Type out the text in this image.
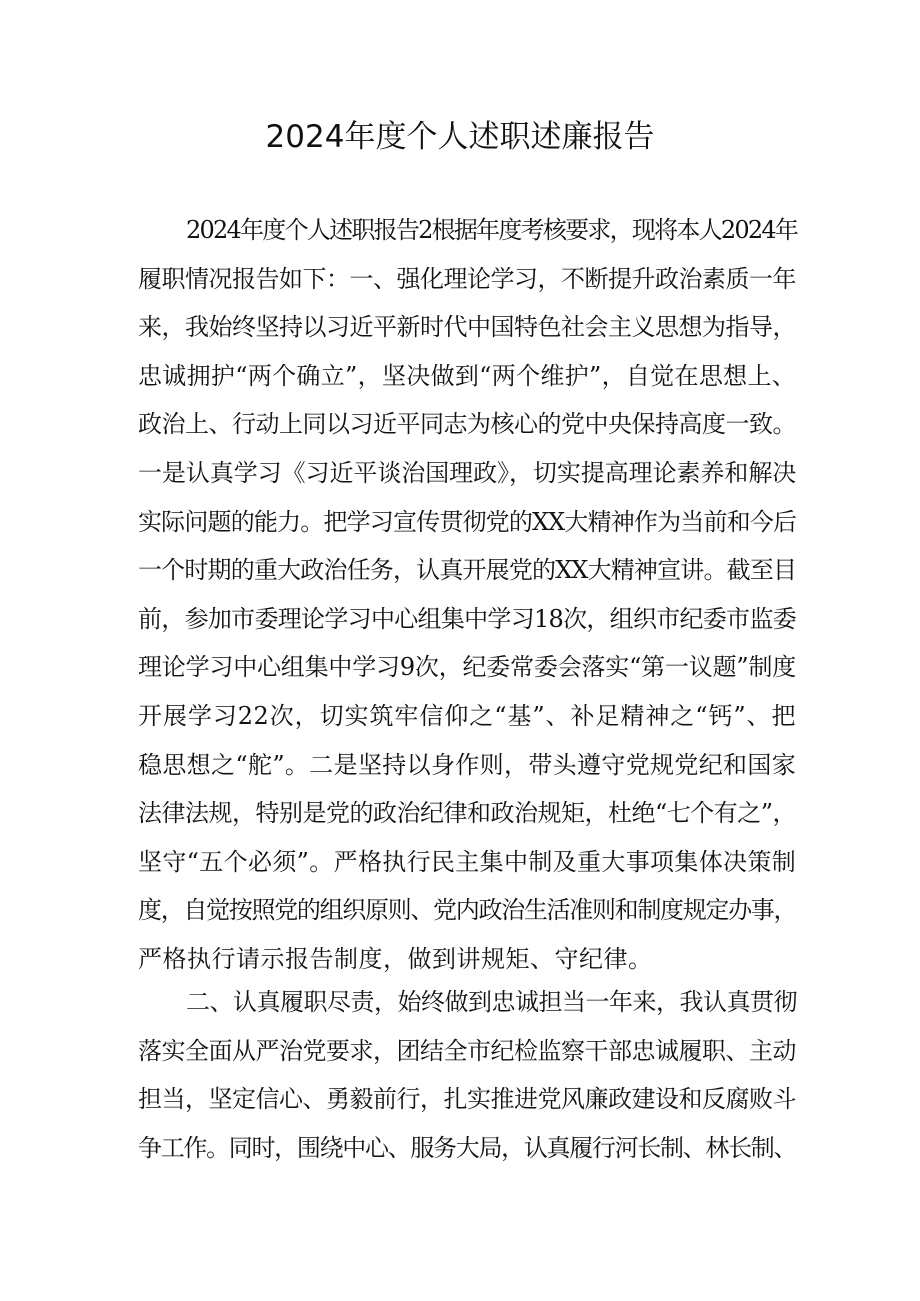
2024年度个人述职述廉报告
2024年度个人述职报告2根据年度考核要求，现将本人2024年
履职情况报告如下：一、强化理论学习，不断提升政治素质一年
来，我始终坚持以习近平新时代中国特色社会主义思想为指导，
忠诚拥护“两个确立”，坚决做到“两个维护”，自觉在思想上、
政治上、行动上同以习近平同志为核心的党中央保持高度一致。
一是认真学习《习近平谈治国理政》，切实提高理论素养和解决
实际问题的能力。把学习宣传贯彻党的XX大精神作为当前和今后
一个时期的重大政治任务，认真开展党的XX大精神宣讲。截至目
前，参加市委理论学习中心组集中学习18次，组织市纪委市监委
理论学习中心组集中学习9次，纪委常委会落实“第一议题”制度
开展学习22次，切实筑牢信仰之“基”、补足精神之“钙”、把
稳思想之“舵”。二是坚持以身作则，带头遵守党规党纪和国家
法律法规，特别是党的政治纪律和政治规矩，杜绝“七个有之”，
坚守“五个必须”。严格执行民主集中制及重大事项集体决策制
度，自觉按照党的组织原则、党内政治生活准则和制度规定办事，
严格执行请示报告制度，做到讲规矩、守纪律。
二、认真履职尽责，始终做到忠诚担当一年来，我认真贯彻
落实全面从严治党要求，团结全市纪检监察干部忠诚履职、主动
担当，坚定信心、勇毅前行，扎实推进党风廉政建设和反腐败斗
争工作。同时，围绕中心、服务大局，认真履行河长制、林长制、
